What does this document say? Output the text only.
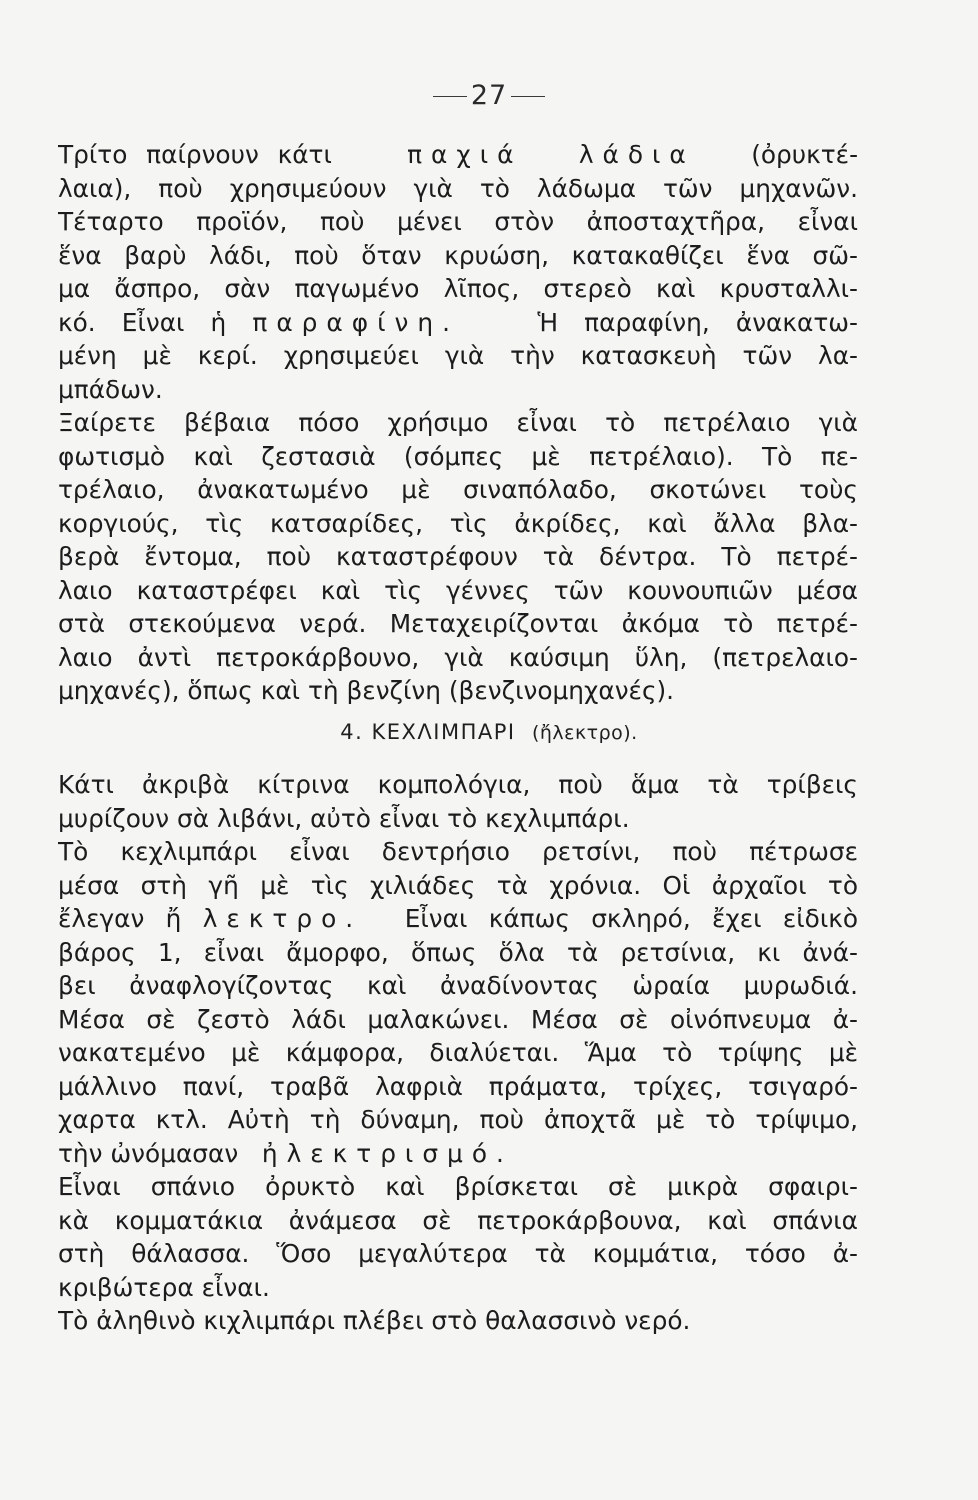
27
Τρίτο παίρνουν κάτι	παχιά λάδια (ὀρυκτέ-
λαια), ποὺ χρησιμεύουν γιὰ τὸ λάδωμα τῶν μηχανῶν.
Τέταρτο προϊόν, ποὺ μένει στὸν ἀποσταχτῆρα, εἶναι
ἕνα βαρὺ λάδι, ποὺ ὅταν κρυώση, κατακαθίζει ἕνα σῶ-
μα ἄσπρο, σὰν παγωμένο λῖπος, στερεὸ καὶ κρυσταλλι-
κό. Εἶναι ἡ παραφίνη.	Ἡ παραφίνη, ἀνακατω-
μένη μὲ κερί. χρησιμεύει γιὰ τὴν κατασκευὴ τῶν λα-
μπάδων.
Ξαίρετε βέβαια πόσο χρήσιμο εἶναι τὸ πετρέλαιο γιὰ
φωτισμὸ καὶ ζεστασιὰ (σόμπες μὲ πετρέλαιο). Τὸ πε-
τρέλαιο, ἀνακατωμένο μὲ σιναπόλαδο, σκοτώνει τοὺς
κοργιούς, τὶς κατσαρίδες, τὶς ἀκρίδες, καὶ ἄλλα βλα-
βερὰ ἔντομα, ποὺ καταστρέφουν τὰ δέντρα. Τὸ πετρέ-
λαιο καταστρέφει καὶ τὶς γέννες τῶν κουνουπιῶν μέσα
στὰ στεκούμενα νερά. Μεταχειρίζονται ἀκόμα τὸ πετρέ-
λαιο ἀντὶ πετροκάρβουνο, γιὰ καύσιμη ὕλη, (πετρελαιο-
μηχανές), ὅπως καὶ τὴ βενζίνη (βενζινομηχανές).
4. ΚΕΧΛΙΜΠΑΡΙ (ἤλεκτρο).
Κάτι ἀκριβὰ κίτρινα κομπολόγια, ποὺ ἅμα τὰ τρίβεις
μυρίζουν σὰ λιβάνι, αὐτὸ εἶναι τὸ κεχλιμπάρι.
Τὸ κεχλιμπάρι εἶναι δεντρήσιο ρετσίνι, ποὺ πέτρωσε
μέσα στὴ γῆ μὲ τὶς χιλιάδες τὰ χρόνια. Οἱ ἀρχαῖοι τὸ
ἔλεγαν ἤ λεκτρο. Εἶναι κάπως σκληρό, ἔχει εἰδικὸ
βάρος 1, εἶναι ἄμορφο, ὅπως ὅλα τὰ ρετσίνια, κι ἀνά-
βει ἀναφλογίζοντας καὶ ἀναδίνοντας ὡραία μυρωδιά.
Μέσα σὲ ζεστὸ λάδι μαλακώνει. Μέσα σὲ οἰνόπνευμα ἀ-
νακατεμένο μὲ κάμφορα, διαλύεται. Ἅμα τὸ τρίψης μὲ
μάλλινο πανί, τραβᾶ λαφριὰ πράματα, τρίχες, τσιγαρό-
χαρτα κτλ. Αὐτὴ τὴ δύναμη, ποὺ ἀποχτᾶ μὲ τὸ τρίψιμο,
τὴν ὠνόμασαν ἠλεκτρισμό.
Εἶναι σπάνιο ὀρυκτὸ καὶ βρίσκεται σὲ μικρὰ σφαιρι-
κὰ κομματάκια ἀνάμεσα σὲ πετροκάρβουνα, καὶ σπάνια
στὴ θάλασσα. Ὅσο μεγαλύτερα τὰ κομμάτια, τόσο ἀ-
κριβώτερα εἶναι.
Τὸ ἀληθινὸ κιχλιμπάρι πλέβει στὸ θαλασσινὸ νερό.
